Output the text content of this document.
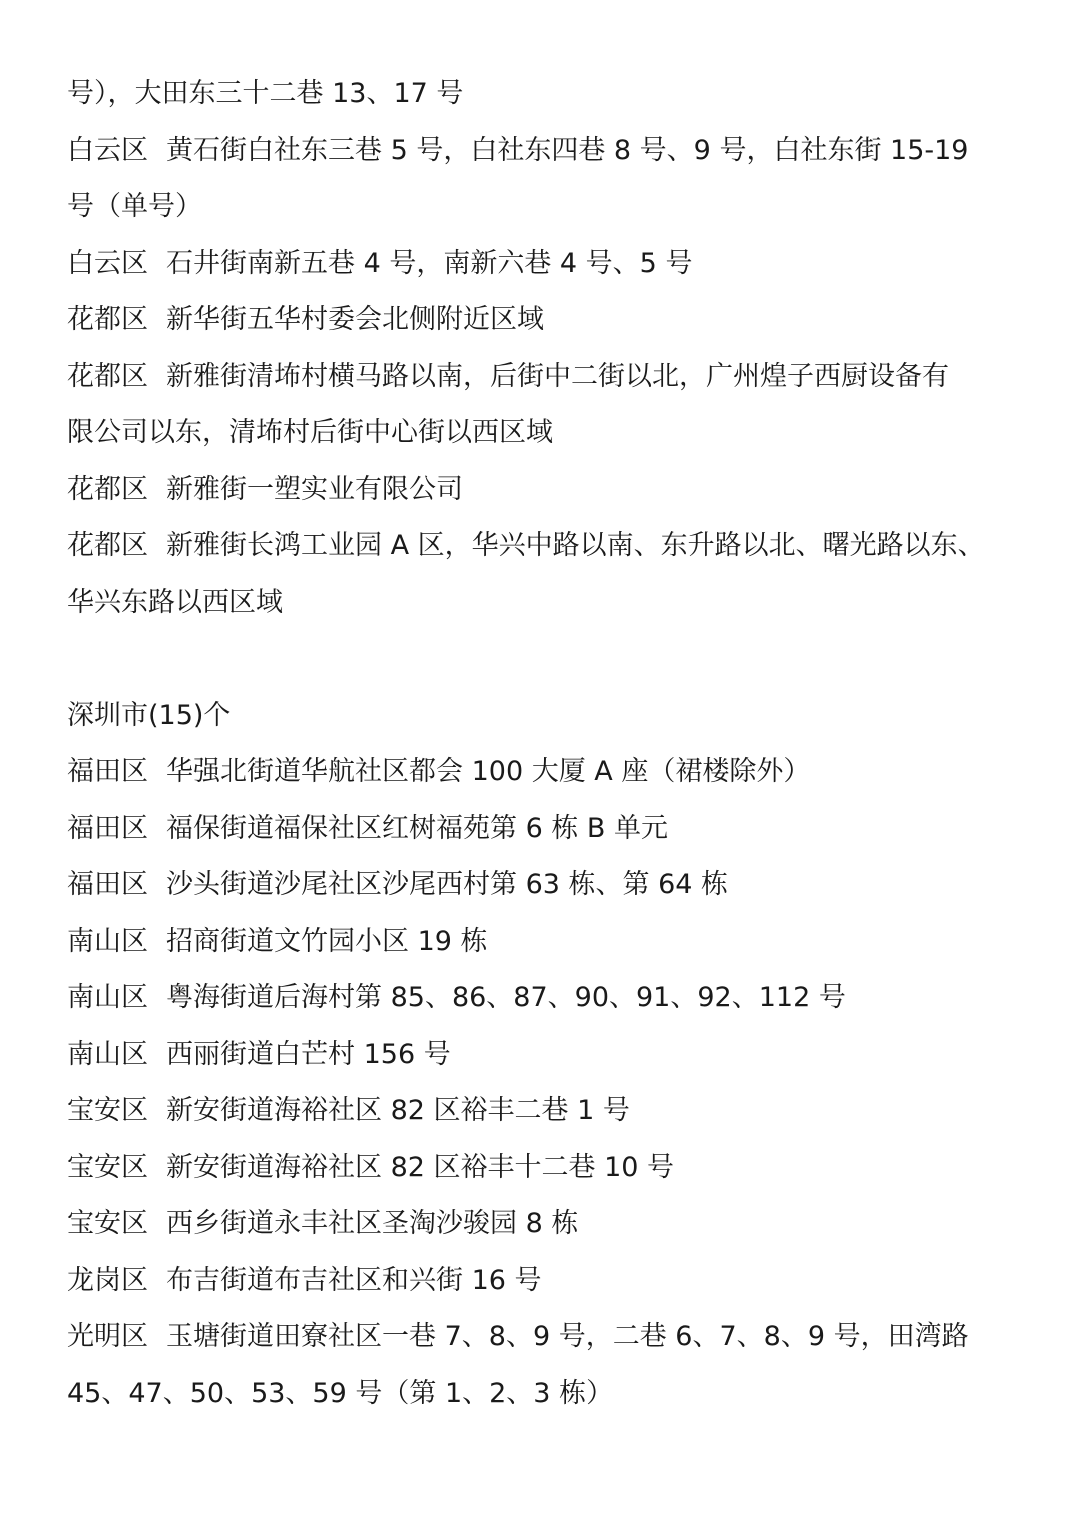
号），大田东三十二巷 13、17 号
白云区 黄石街白社东三巷 5 号，白社东四巷 8 号、9 号，白社东街 15-19
号（单号）
白云区 石井街南新五巷 4 号，南新六巷 4 号、5 号
花都区 新华街五华村委会北侧附近区域
花都区 新雅街清㘵村横马路以南，后街中二街以北，广州煌子西厨设备有
限公司以东，清㘵村后街中心街以西区域
花都区 新雅街一塑实业有限公司
花都区 新雅街长鸿工业园 A 区，华兴中路以南、东升路以北、曙光路以东、
华兴东路以西区域
深圳市(15)个
福田区 华强北街道华航社区都会 100 大厦 A 座（裙楼除外）
福田区 福保街道福保社区红树福苑第 6 栋 B 单元
福田区 沙头街道沙尾社区沙尾西村第 63 栋、第 64 栋
南山区 招商街道文竹园小区 19 栋
南山区 粤海街道后海村第 85、86、87、90、91、92、112 号
南山区 西丽街道白芒村 156 号
宝安区 新安街道海裕社区 82 区裕丰二巷 1 号
宝安区 新安街道海裕社区 82 区裕丰十二巷 10 号
宝安区 西乡街道永丰社区圣淘沙骏园 8 栋
龙岗区 布吉街道布吉社区和兴街 16 号
光明区 玉塘街道田寮社区一巷 7、8、9 号，二巷 6、7、8、9 号，田湾路
45、47、50、53、59 号（第 1、2、3 栋）
